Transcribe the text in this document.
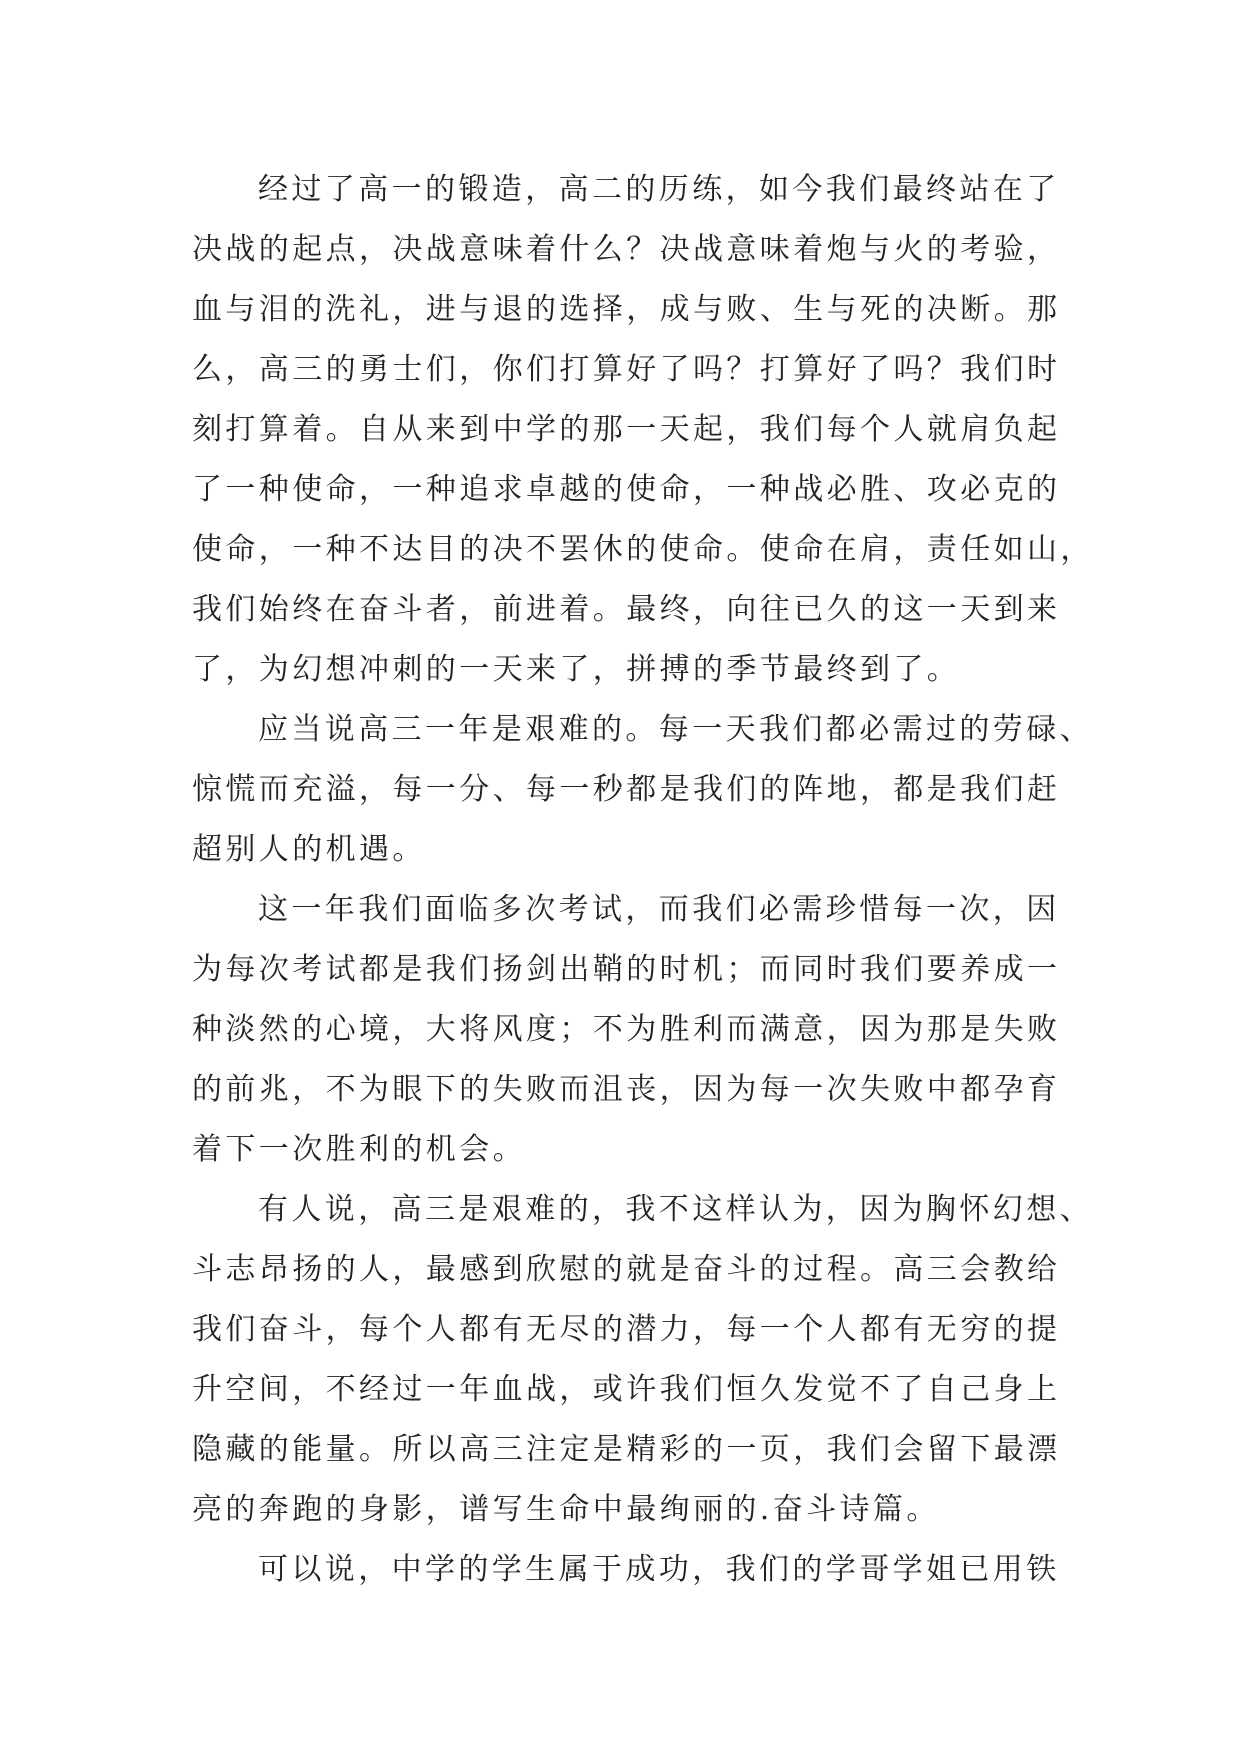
经过了高一的锻造，高二的历练，如今我们最终站在了
决战的起点，决战意味着什么？决战意味着炮与火的考验，
血与泪的洗礼，进与退的选择，成与败、生与死的决断。那
么，高三的勇士们，你们打算好了吗？打算好了吗？我们时
刻打算着。自从来到中学的那一天起，我们每个人就肩负起
了一种使命，一种追求卓越的使命，一种战必胜、攻必克的
使命，一种不达目的决不罢休的使命。使命在肩，责任如山，
我们始终在奋斗者，前进着。最终，向往已久的这一天到来
了，为幻想冲刺的一天来了，拼搏的季节最终到了。
应当说高三一年是艰难的。每一天我们都必需过的劳碌、
惊慌而充溢，每一分、每一秒都是我们的阵地，都是我们赶
超别人的机遇。
这一年我们面临多次考试，而我们必需珍惜每一次，因
为每次考试都是我们扬剑出鞘的时机；而同时我们要养成一
种淡然的心境，大将风度；不为胜利而满意，因为那是失败
的前兆，不为眼下的失败而沮丧，因为每一次失败中都孕育
着下一次胜利的机会。
有人说，高三是艰难的，我不这样认为，因为胸怀幻想、
斗志昂扬的人，最感到欣慰的就是奋斗的过程。高三会教给
我们奋斗，每个人都有无尽的潜力，每一个人都有无穷的提
升空间，不经过一年血战，或许我们恒久发觉不了自己身上
隐藏的能量。所以高三注定是精彩的一页，我们会留下最漂
亮的奔跑的身影，谱写生命中最绚丽的.奋斗诗篇。
可以说，中学的学生属于成功，我们的学哥学姐已用铁
